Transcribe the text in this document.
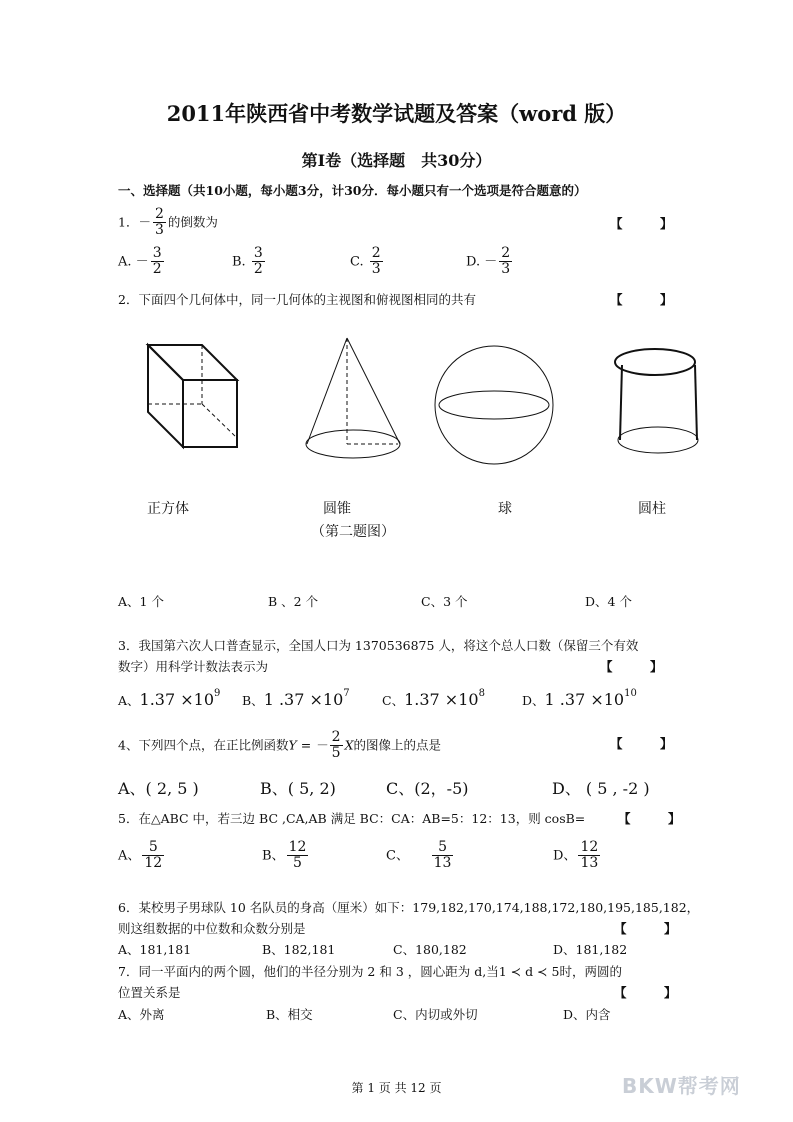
2011年陕西省中考数学试题及答案（word 版）
第Ⅰ卷（选择题　共30分）
一、选择题（共10小题，每小题3分，计30分．每小题只有一个选项是符合题意的）
1．－ $\frac{2}{3}$ 的倒数为	【　　　】
A. － $\frac{3}{2}$	B. $\frac{3}{2}$	C. $\frac{2}{3}$	D. － $\frac{2}{3}$
2．下面四个几何体中，同一几何体的主视图和俯视图相同的共有	【　　　】
正方体	圆锥	球	圆柱
（第二题图）
A、1 个	B 、2 个	C、3 个	D、4 个
3．我国第六次人口普查显示，全国人口为 1370536875 人，将这个总人口数（保留三个有效
数字）用科学计数法表示为	【　　　】
A、$1.37 \times 10^9$ B、1 $.37 \times 10^7$	C、$1.37 \times 10^8$	D、1 $.37 \times 10^{10}$
4、下列四个点，在正比例函数Y = － $\frac{2}{5}$ X的图像上的点是	【　　　】
A、( 2, 5 )	B、( 5, 2)	C、(2，-5)	D、 ( 5 , -2 )
5．在△ABC 中，若三边 BC ,CA,AB 满足 BC：CA：AB=5：12：13，则 cosB=	【　　　】
A、 $\frac{5}{12}$	B、 $\frac{12}{5}$	C、 $\frac{5}{13}$	D、 $\frac{12}{13}$
6．某校男子男球队 10 名队员的身高（厘米）如下：179,182,170,174,188,172,180,195,185,182，
则这组数据的中位数和众数分别是	【　　　】
A、181,181	B、182,181	C、180,182	D、181,182
7．同一平面内的两个圆，他们的半径分别为 2 和 3 ，圆心距为 d,当1 ≺ d ≺ 5时，两圆的
位置关系是	【　　　】
A、外离	B、相交	C、内切或外切	D、内含
第 1 页 共 12 页	BKW帮考网
